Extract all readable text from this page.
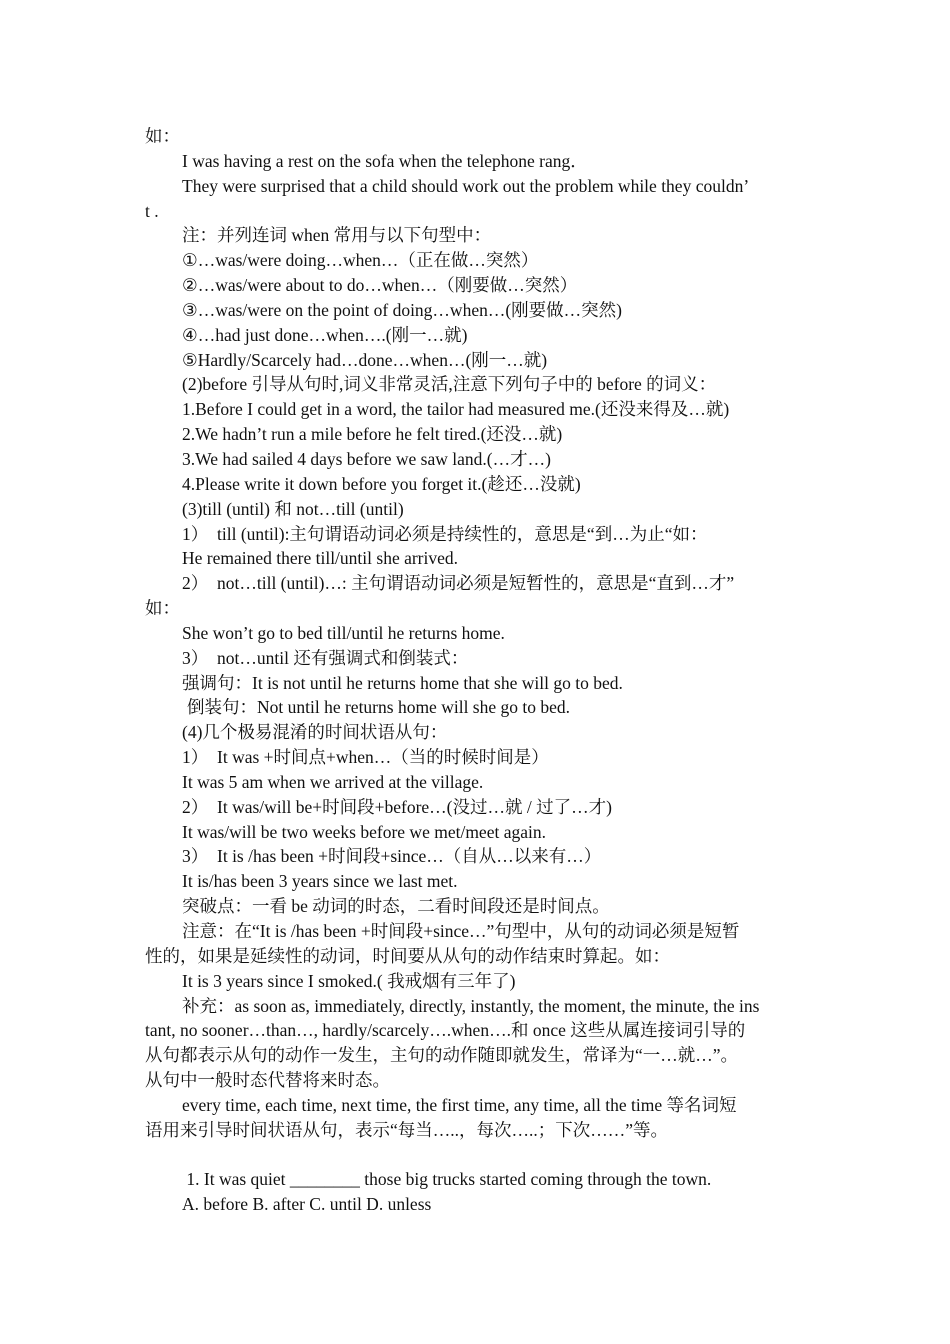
如：
I was having a rest on the sofa when the telephone rang．
They were surprised that a child should work out the problem while they couldn’
t .
注：并列连词 when 常用与以下句型中：
①…was/were doing…when…（正在做…突然）
②…was/were about to do…when…（刚要做…突然）
③…was/were on the point of doing…when…(刚要做…突然)
④…had just done…when….(刚一…就)
⑤Hardly/Scarcely had…done…when…(刚一…就)
(2)before 引导从句时,词义非常灵活,注意下列句子中的 before 的词义：
1.Before I could get in a word, the tailor had measured me.(还没来得及…就)
2.We hadn’t run a mile before he felt tired.(还没…就)
3.We had sailed 4 days before we saw land.(…才…)
4.Please write it down before you forget it.(趁还…没就)
(3)till (until) 和 not…till (until)
1）  till (until):主句谓语动词必须是持续性的，意思是“到…为止“如：
He remained there till/until she arrived.
2）  not…till (until)…: 主句谓语动词必须是短暂性的，意思是“直到…才”
如：
She won’t go to bed till/until he returns home.
3）  not…until 还有强调式和倒装式：
强调句：It is not until he returns home that she will go to bed.
倒装句：Not until he returns home will she go to bed.
(4)几个极易混淆的时间状语从句：
1）  It was +时间点+when…（当的时候时间是）
It was 5 am when we arrived at the village.
2）  It was/will be+时间段+before…(没过…就 / 过了…才)
It was/will be two weeks before we met/meet again.
3）  It is /has been +时间段+since…（自从…以来有…）
It is/has been 3 years since we last met.
突破点：一看 be 动词的时态，二看时间段还是时间点。
注意：在“It is /has been +时间段+since…”句型中，从句的动词必须是短暂
性的，如果是延续性的动词，时间要从从句的动作结束时算起。如：
It is 3 years since I smoked.( 我戒烟有三年了)
补充：as soon as, immediately, directly, instantly, the moment, the minute, the ins
tant, no sooner…than…, hardly/scarcely….when….和 once 这些从属连接词引导的
从句都表示从句的动作一发生，主句的动作随即就发生，常译为“一…就…”。
从句中一般时态代替将来时态。
every time, each time, next time, the first time, any time, all the time 等名词短
语用来引导时间状语从句，表示“每当…..，每次…..；下次……”等。
1. It was quiet ________ those big trucks started coming through the town.
A. before B. after C. until D. unless
